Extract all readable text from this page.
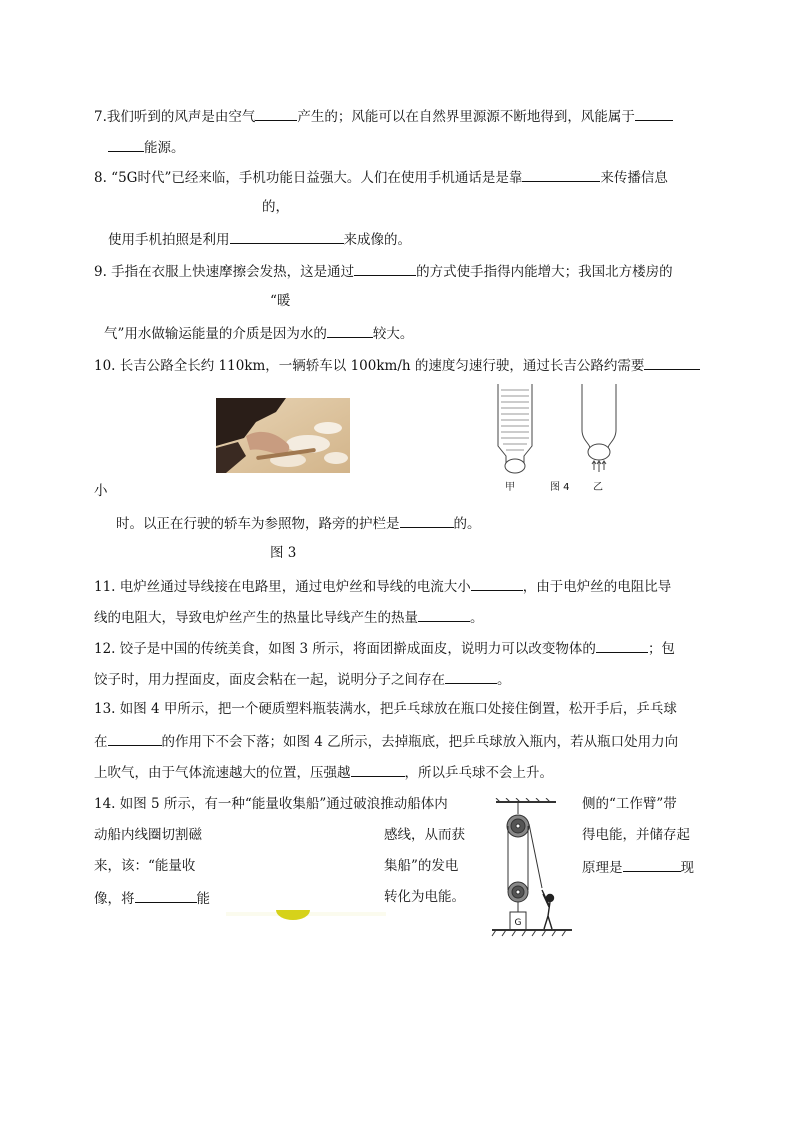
7.我们听到的风声是由空气	产生的；风能可以在自然界里源源不断地得到，风能属于
能源。
8. “5G时代”已经来临，手机功能日益强大。人们在使用手机通话是是靠	来传播信息
的，
使用手机拍照是利用	来成像的。
9. 手指在衣服上快速摩擦会发热，这是通过	的方式使手指得内能增大；我国北方楼房的
“暖
气”用水做输运能量的介质是因为水的	较大。
10. 长吉公路全长约 110km，一辆轿车以 100km/h 的速度匀速行驶，通过长吉公路约需要
甲	图 4 乙
小
时。以正在行驶的轿车为参照物，路旁的护栏是	的。
图 3
11. 电炉丝通过导线接在电路里，通过电炉丝和导线的电流大小	，由于电炉丝的电阻比导
线的电阻大，导致电炉丝产生的热量比导线产生的热量	。
12. 饺子是中国的传统美食，如图 3 所示，将面团擀成面皮，说明力可以改变物体的	；包
饺子时，用力捏面皮，面皮会粘在一起，说明分子之间存在	。
13. 如图 4 甲所示，把一个硬质塑料瓶装满水，把乒乓球放在瓶口处接住倒置，松开手后，乒乓球
在	的作用下不会下落；如图 4 乙所示，去掉瓶底，把乒乓球放入瓶内，若从瓶口处用力向
上吹气，由于气体流速越大的位置，压强越	，所以乒乓球不会上升。
14. 如图 5 所示，有一种“能量收集船”通过破浪推动船体内	侧的“工作臂”带
动船内线圈切割磁	感线，从而获	得电能，并储存起
来，该：“能量收	集船”的发电	原理是	现
像，将	能	转化为电能。
G
